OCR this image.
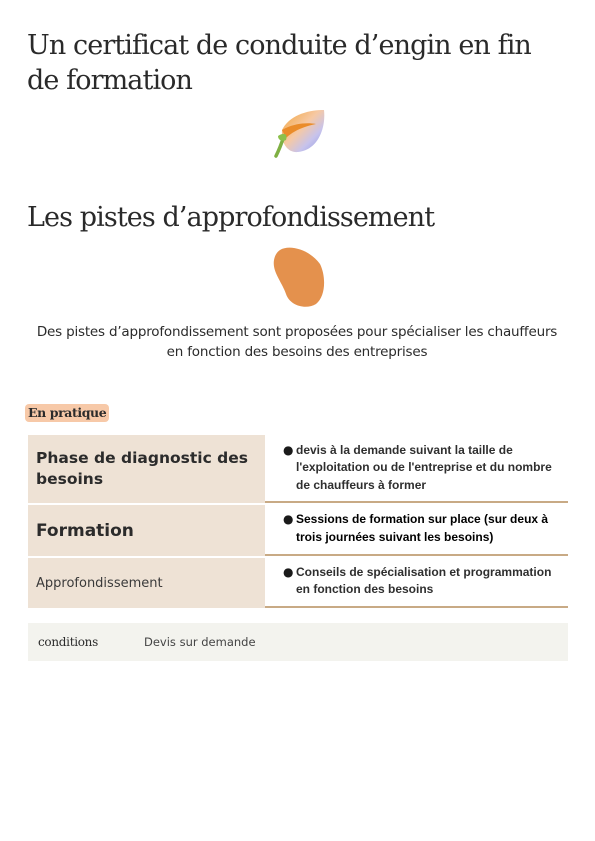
Un certificat de conduite d’engin en fin de formation
Les pistes d’approfondissement

Des pistes d’approfondissement sont proposées pour spécialiser les chauffeurs en fonction des besoins des entreprises

En pratique
Phase de diagnostic des besoins
● devis à la demande suivant la taille de l'exploitation ou de l'entreprise et du nombre de chauffeurs à former
Formation
● Sessions de formation sur place (sur deux à trois journées suivant les besoins)
Approfondissement
● Conseils de spécialisation et programmation en fonction des besoins
conditions	Devis sur demande
